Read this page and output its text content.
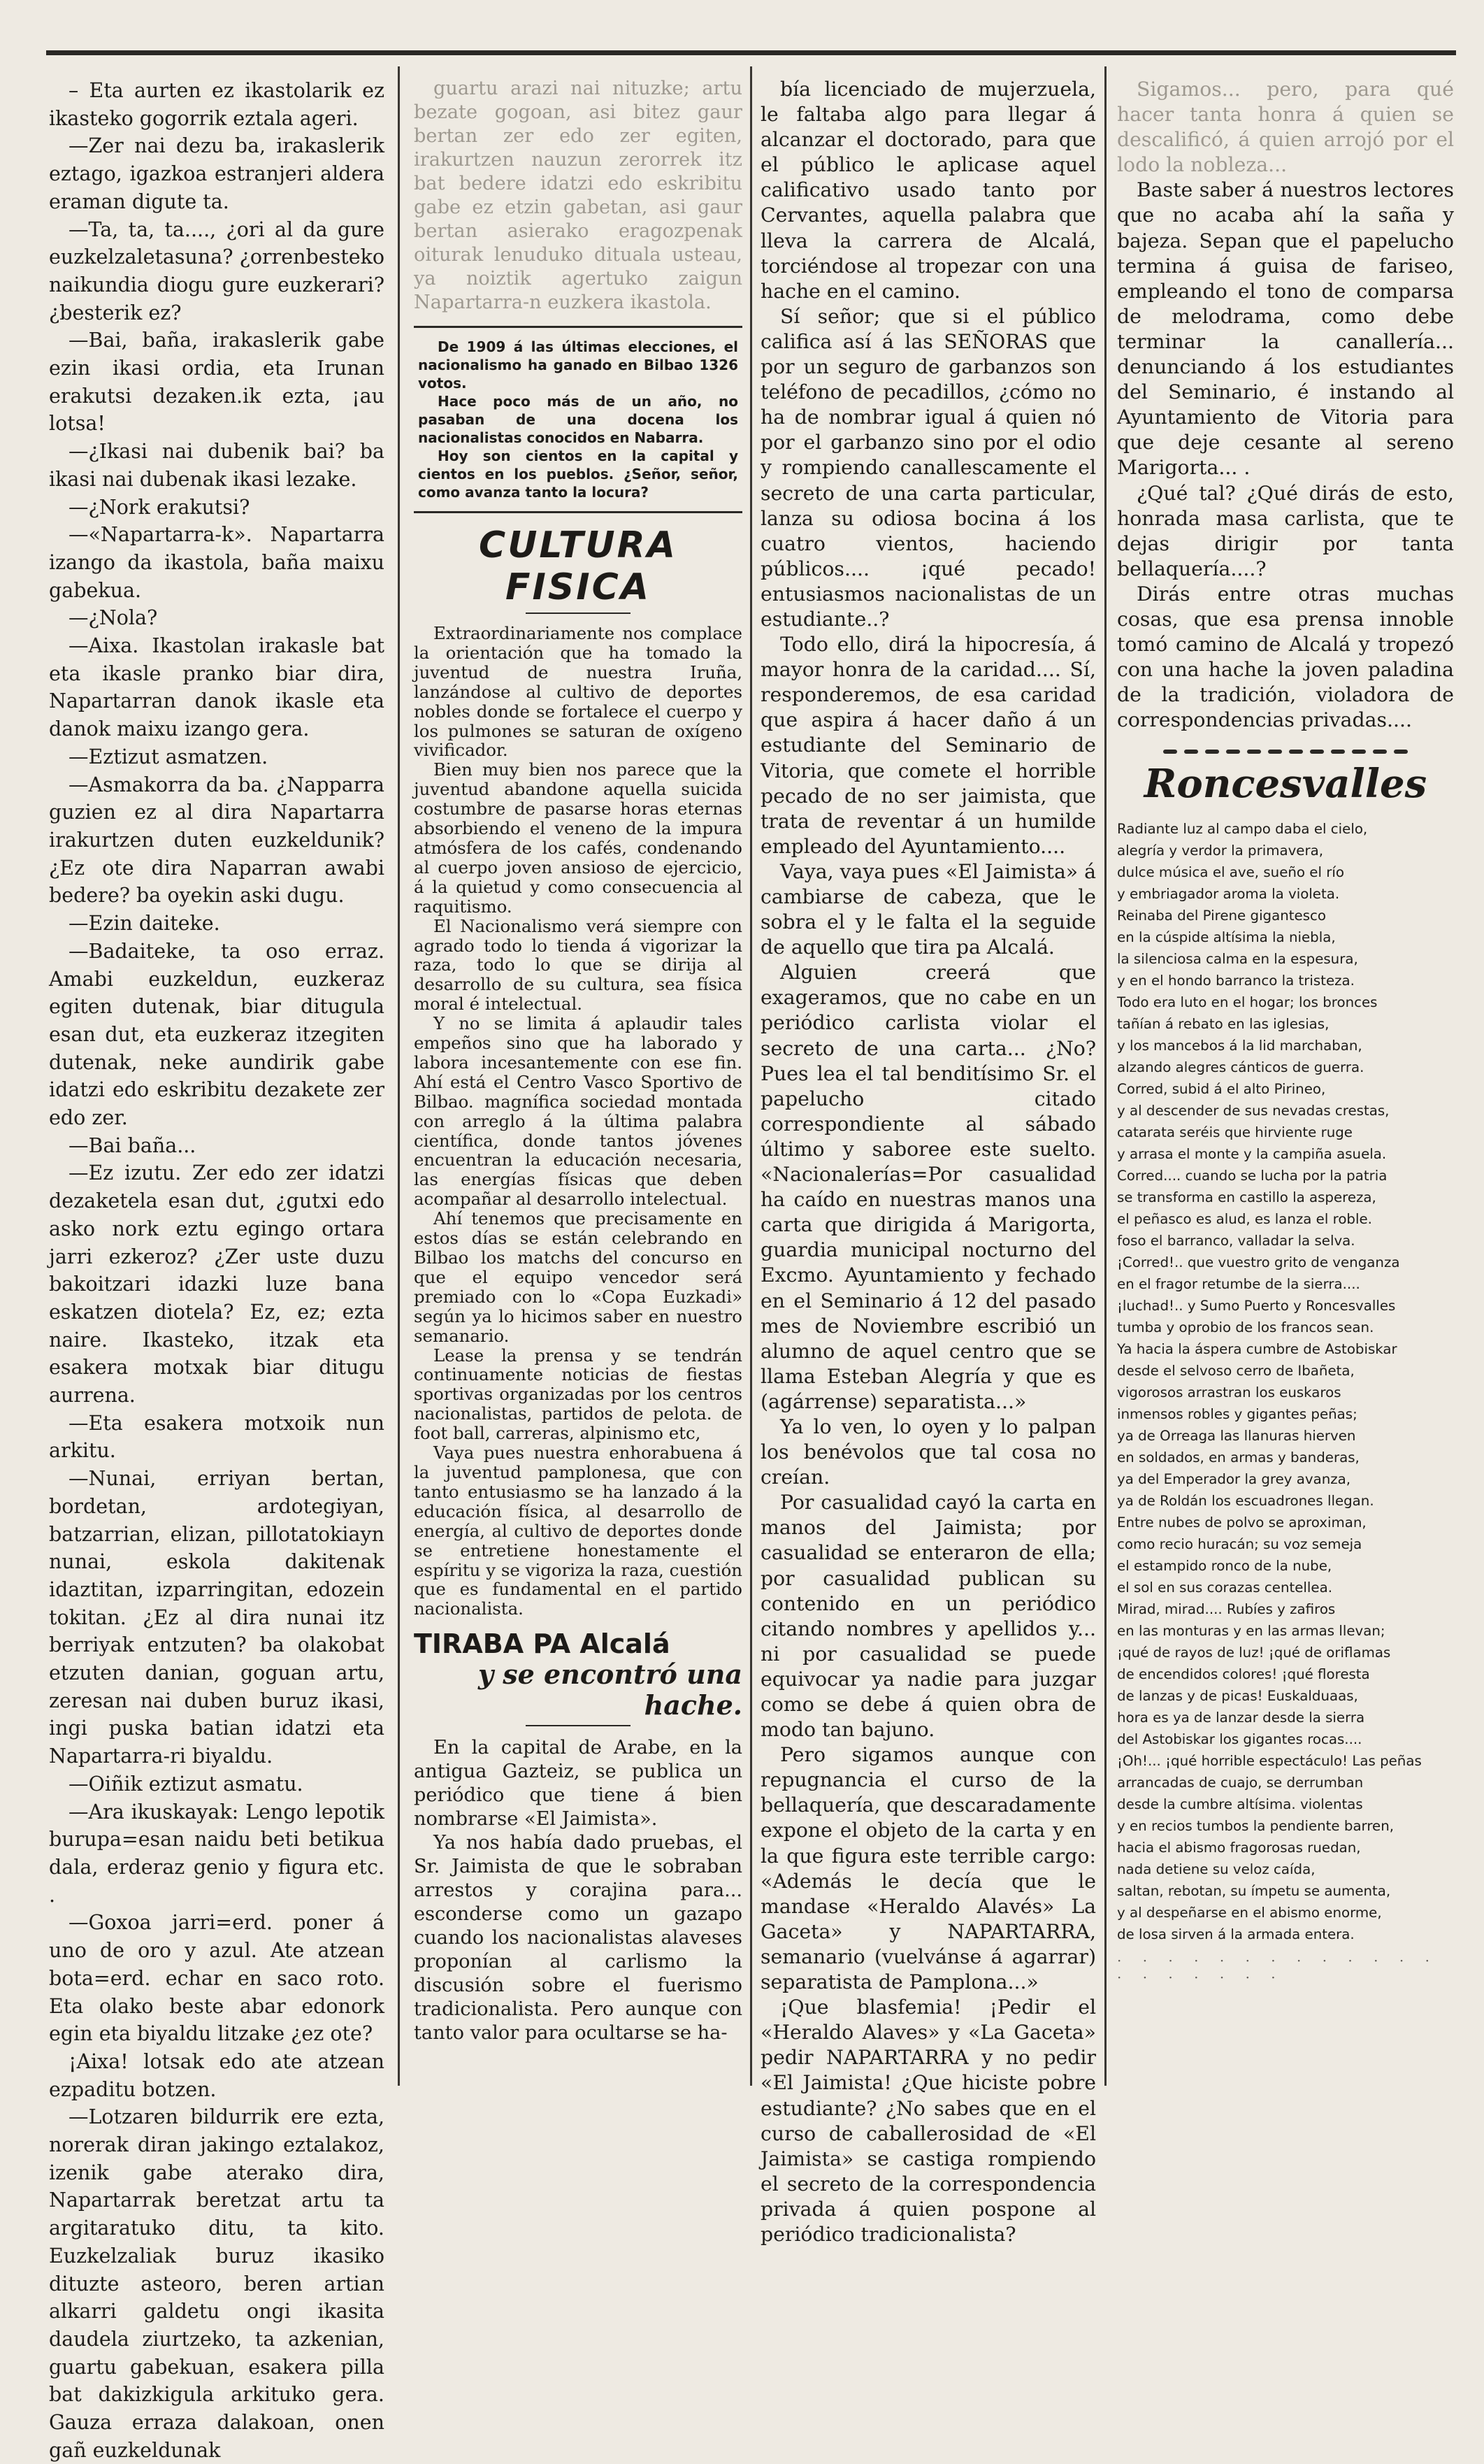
– Eta aurten ez ikastolarik ez ikasteko gogorrik eztala ageri.

—Zer nai dezu ba, irakaslerik eztago, igazkoa estranjeri aldera eraman digute ta.

—Ta, ta, ta...., ¿ori al da gure euzkelzaletasuna? ¿orrenbesteko naikundia diogu gure euzkerari? ¿besterik ez?

—Bai, baña, irakaslerik gabe ezin ikasi ordia, eta Irunan erakutsi dezaken.ik ezta, ¡au lotsa!

—¿Ikasi nai dubenik bai? ba ikasi nai dubenak ikasi lezake.

—¿Nork erakutsi?

—«Napartarra-k». Napartarra izango da ikastola, baña maixu gabekua.

—¿Nola?

—Aixa. Ikastolan irakasle bat eta ikasle pranko biar dira, Napartarran danok ikasle eta danok maixu izango gera.

—Eztizut asmatzen.

—Asmakorra da ba. ¿Napparra guzien ez al dira Napartarra irakurtzen duten euzkeldunik? ¿Ez ote dira Naparran awabi bedere? ba oyekin aski dugu.

—Ezin daiteke.

—Badaiteke, ta oso erraz. Amabi euzkeldun, euzkeraz egiten dutenak, biar ditugula esan dut, eta euzkeraz itzegiten dutenak, neke aundirik gabe idatzi edo eskribitu dezakete zer edo zer.

—Bai baña...

—Ez izutu. Zer edo zer idatzi dezaketela esan dut, ¿gutxi edo asko nork eztu egingo ortara jarri ezkeroz? ¿Zer uste duzu bakoitzari idazki luze bana eskatzen diotela? Ez, ez; ezta naire. Ikasteko, itzak eta esakera motxak biar ditugu aurrena.

—Eta esakera motxoik nun arkitu.

—Nunai, erriyan bertan, bordetan, ardotegiyan, batzarrian, elizan, pillotatokiayn nunai, eskola dakitenak idaztitan, izparringitan, edozein tokitan. ¿Ez al dira nunai itz berriyak entzuten? ba olakobat etzuten danian, goguan artu, zeresan nai duben buruz ikasi, ingi puska batian idatzi eta Napartarra-ri biyaldu.

—Oiñik eztizut asmatu.

—Ara ikuskayak: Lengo lepotik burupa=esan naidu beti betikua dala, erderaz genio y figura etc. .

—Goxoa jarri=erd. poner á uno de oro y azul. Ate atzean bota=erd. echar en saco roto. Eta olako beste abar edonork egin eta biyaldu litzake ¿ez ote?

¡Aixa! lotsak edo ate atzean ezpaditu botzen.

—Lotzaren bildurrik ere ezta, norerak diran jakingo eztalakoz, izenik gabe aterako dira, Napartarrak beretzat artu ta argitaratuko ditu, ta kito. Euzkelzaliak buruz ikasiko dituzte asteoro, beren artian alkarri galdetu ongi ikasita daudela ziurtzeko, ta azkenian, guartu gabekuan, esakera pilla bat dakizkigula arkituko gera. Gauza erraza dalakoan, onen gañ euzkeldunak

guartu arazi nai nituzke; artu bezate gogoan, asi bitez gaur bertan zer edo zer egiten, irakurtzen nauzun zerorrek itz bat bedere idatzi edo eskribitu gabe ez etzin gabetan, asi gaur bertan asierako eragozpenak oiturak lenuduko dituala usteau, ya noiztik agertuko zaigun Napartarra-n euzkera ikastola.

De 1909 á las últimas elecciones, el nacionalismo ha ganado en Bilbao 1326 votos.

Hace poco más de un año, no pasaban de una docena los nacionalistas conocidos en Nabarra.

Hoy son cientos en la capital y cientos en los pueblos. ¿Señor, señor, como avanza tanto la locura?

CULTURA FISICA

Extraordinariamente nos complace la orientación que ha tomado la juventud de nuestra Iruña, lanzándose al cultivo de deportes nobles donde se fortalece el cuerpo y los pulmones se saturan de oxígeno vivificador.

Bien muy bien nos parece que la juventud abandone aquella suicida costumbre de pasarse horas eternas absorbiendo el veneno de la impura atmósfera de los cafés, condenando al cuerpo joven ansioso de ejercicio, á la quietud y como consecuencia al raquitismo.

El Nacionalismo verá siempre con agrado todo lo tienda á vigorizar la raza, todo lo que se dirija al desarrollo de su cultura, sea física moral é intelectual.

Y no se limita á aplaudir tales empeños sino que ha laborado y labora incesantemente con ese fin. Ahí está el Centro Vasco Sportivo de Bilbao. magnífica sociedad montada con arreglo á la última palabra científica, donde tantos jóvenes encuentran la educación necesaria, las energías físicas que deben acompañar al desarrollo intelectual.

Ahí tenemos que precisamente en estos días se están celebrando en Bilbao los matchs del concurso en que el equipo vencedor será premiado con lo «Copa Euzkadi» según ya lo hicimos saber en nuestro semanario.

Lease la prensa y se tendrán continuamente noticias de fiestas sportivas organizadas por los centros nacionalistas, partidos de pelota. de foot ball, carreras, alpinismo etc,

Vaya pues nuestra enhorabuena á la juventud pamplonesa, que con tanto entusiasmo se ha lanzado á la educación física, al desarrollo de energía, al cultivo de deportes donde se entretiene honestamente el espíritu y se vigoriza la raza, cuestión que es fundamental en el partido nacionalista.

TIRABA PA Alcalá
y se encontró una hache.

En la capital de Arabe, en la antigua Gazteiz, se publica un periódico que tiene á bien nombrarse «El Jaimista».

Ya nos había dado pruebas, el Sr. Jaimista de que le sobraban arrestos y corajina para... esconderse como un gazapo cuando los nacionalistas alaveses proponían al carlismo la discusión sobre el fuerismo tradicionalista. Pero aunque con tanto valor para ocultarse se ha-

bía licenciado de mujerzuela, le faltaba algo para llegar á alcanzar el doctorado, para que el público le aplicase aquel calificativo usado tanto por Cervantes, aquella palabra que lleva la carrera de Alcalá, torciéndose al tropezar con una hache en el camino.

Sí señor; que si el público califica así á las SEÑORAS que por un seguro de garbanzos son teléfono de pecadillos, ¿cómo no ha de nombrar igual á quien nó por el garbanzo sino por el odio y rompiendo canallescamente el secreto de una carta particular, lanza su odiosa bocina á los cuatro vientos, haciendo públicos.... ¡qué pecado! entusiasmos nacionalistas de un estudiante..?

Todo ello, dirá la hipocresía, á mayor honra de la caridad.... Sí, responderemos, de esa caridad que aspira á hacer daño á un estudiante del Seminario de Vitoria, que comete el horrible pecado de no ser jaimista, que trata de reventar á un humilde empleado del Ayuntamiento....

Vaya, vaya pues «El Jaimista» á cambiarse de cabeza, que le sobra el y le falta el la seguide de aquello que tira pa Alcalá.

Alguien creerá que exageramos, que no cabe en un periódico carlista violar el secreto de una carta... ¿No? Pues lea el tal benditísimo Sr. el papelucho citado correspondiente al sábado último y saboree este suelto. «Nacionalerías=Por casualidad ha caído en nuestras manos una carta que dirigida á Marigorta, guardia municipal nocturno del Excmo. Ayuntamiento y fechado en el Seminario á 12 del pasado mes de Noviembre escribió un alumno de aquel centro que se llama Esteban Alegría y que es (agárrense) separatista...»

Ya lo ven, lo oyen y lo palpan los benévolos que tal cosa no creían.

Por casualidad cayó la carta en manos del Jaimista; por casualidad se enteraron de ella; por casualidad publican su contenido en un periódico citando nombres y apellidos y... ni por casualidad se puede equivocar ya nadie para juzgar como se debe á quien obra de modo tan bajuno.

Pero sigamos aunque con repugnancia el curso de la bellaquería, que descaradamente expone el objeto de la carta y en la que figura este terrible cargo: «Además le decía que le mandase «Heraldo Alavés» La Gaceta» y NAPARTARRA, semanario (vuelvánse á agarrar) separatista de Pamplona...»

¡Que blasfemia! ¡Pedir el «Heraldo Alaves» y «La Gaceta» pedir NAPARTARRA y no pedir «El Jaimista! ¿Que hiciste pobre estudiante? ¿No sabes que en el curso de caballerosidad de «El Jaimista» se castiga rompiendo el secreto de la correspondencia privada á quien pospone al periódico tradicionalista?

Sigamos... pero, para qué hacer tanta honra á quien se descalificó, á quien arrojó por el lodo la nobleza...

Baste saber á nuestros lectores que no acaba ahí la saña y bajeza. Sepan que el papelucho termina á guisa de fariseo, empleando el tono de comparsa de melodrama, como debe terminar la canallería... denunciando á los estudiantes del Seminario, é instando al Ayuntamiento de Vitoria para que deje cesante al sereno Marigorta... .

¿Qué tal? ¿Qué dirás de esto, honrada masa carlista, que te dejas dirigir por tanta bellaquería....?

Dirás entre otras muchas cosas, que esa prensa innoble tomó camino de Alcalá y tropezó con una hache la joven paladina de la tradición, violadora de correspondencias privadas....

Roncesvalles
Radiante luz al campo daba el cielo,
alegría y verdor la primavera,
dulce música el ave, sueño el río
y embriagador aroma la violeta.
Reinaba del Pirene gigantesco
en la cúspide altísima la niebla,
la silenciosa calma en la espesura,
y en el hondo barranco la tristeza.
Todo era luto en el hogar; los bronces
tañían á rebato en las iglesias,
y los mancebos á la lid marchaban,
alzando alegres cánticos de guerra.
Corred, subid á el alto Pirineo,
y al descender de sus nevadas crestas,
catarata seréis que hirviente ruge
y arrasa el monte y la campiña asuela.
Corred.... cuando se lucha por la patria
se transforma en castillo la aspereza,
el peñasco es alud, es lanza el roble.
foso el barranco, valladar la selva.
¡Corred!.. que vuestro grito de venganza
en el fragor retumbe de la sierra....
¡luchad!.. y Sumo Puerto y Roncesvalles
tumba y oprobio de los francos sean.
Ya hacia la áspera cumbre de Astobiskar
desde el selvoso cerro de Ibañeta,
vigorosos arrastran los euskaros
inmensos robles y gigantes peñas;
ya de Orreaga las llanuras hierven
en soldados, en armas y banderas,
ya del Emperador la grey avanza,
ya de Roldán los escuadrones llegan.
Entre nubes de polvo se aproximan,
como recio huracán; su voz semeja
el estampido ronco de la nube,
el sol en sus corazas centellea.
Mirad, mirad.... Rubíes y zafiros
en las monturas y en las armas llevan;
¡qué de rayos de luz! ¡qué de oriflamas
de encendidos colores! ¡qué floresta
de lanzas y de picas! Euskalduaas,
hora es ya de lanzar desde la sierra
del Astobiskar los gigantes rocas....
¡Oh!... ¡qué horrible espectáculo! Las peñas
arrancadas de cuajo, se derrumban
desde la cumbre altísima. violentas
y en recios tumbos la pendiente barren,
hacia el abismo fragorosas ruedan,
nada detiene su veloz caída,
saltan, rebotan, su ímpetu se aumenta,
y al despeñarse en el abismo enorme,
de losa sirven á la armada entera.
· · · · · · · · · · · · · · · · · · · ·
